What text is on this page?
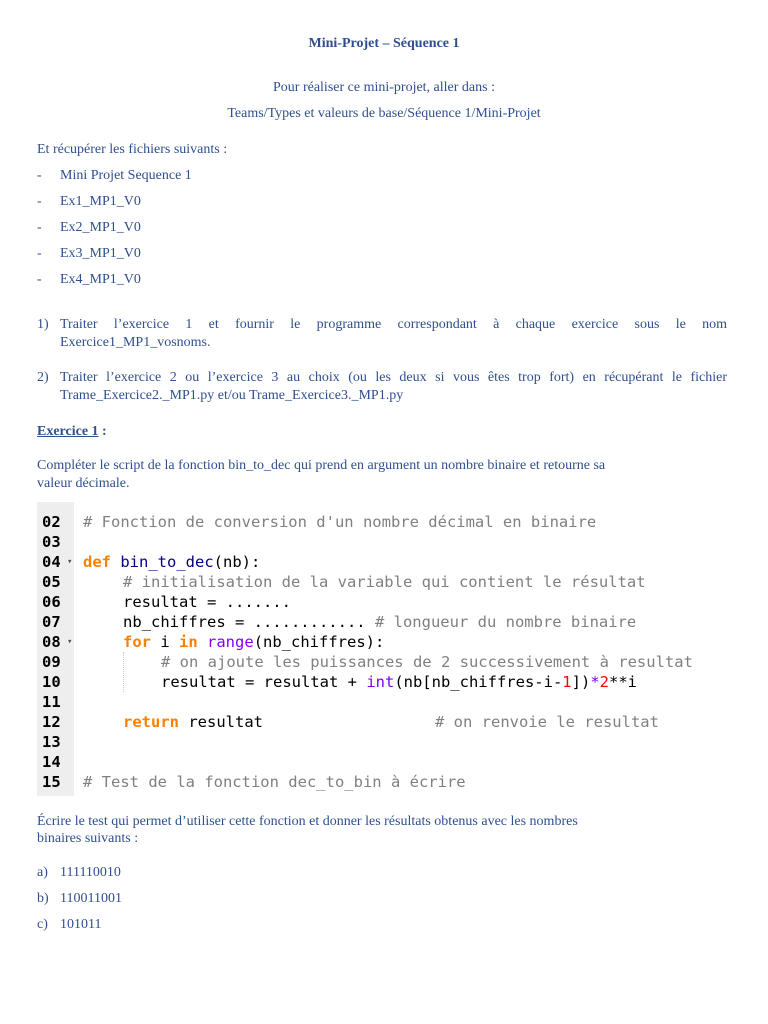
Mini-Projet – Séquence 1

Pour réaliser ce mini-projet, aller dans :

Teams/Types et valeurs de base/Séquence 1/Mini-Projet

Et récupérer les fichiers suivants :

- Mini Projet Sequence 1
- Ex1_MP1_V0
- Ex2_MP1_V0
- Ex3_MP1_V0
- Ex4_MP1_V0
1) Traiter l’exercice 1 et fournir le programme correspondant à chaque exercice sous le nom
Exercice1_MP1_vosnoms.
2) Traiter l’exercice 2 ou l’exercice 3 au choix (ou les deux si vous êtes trop fort) en récupérant le fichier
Trame_Exercice2._MP1.py et/ou Trame_Exercice3._MP1.py

Exercice 1 :

Compléter le script de la fonction bin_to_dec qui prend en argument un nombre binaire et retourne sa

valeur décimale.

02
03
04 ▾
05
06
07
08 ▾
09
10
11
12
13
14
15
# Fonction de conversion d'un nombre décimal en binaire
def bin_to_dec(nb):
# initialisation de la variable qui contient le résultat
resultat = .......
nb_chiffres = ............ # longueur du nombre binaire
for i in range(nb_chiffres):
# on ajoute les puissances de 2 successivement à resultat
resultat = resultat + int(nb[nb_chiffres-i-1])*2**i
return resultat	# on renvoie le resultat
# Test de la fonction dec_to_bin à écrire

Écrire le test qui permet d’utiliser cette fonction et donner les résultats obtenus avec les nombres

binaires suivants :

a) 111110010
b) 110011001
c) 101011
